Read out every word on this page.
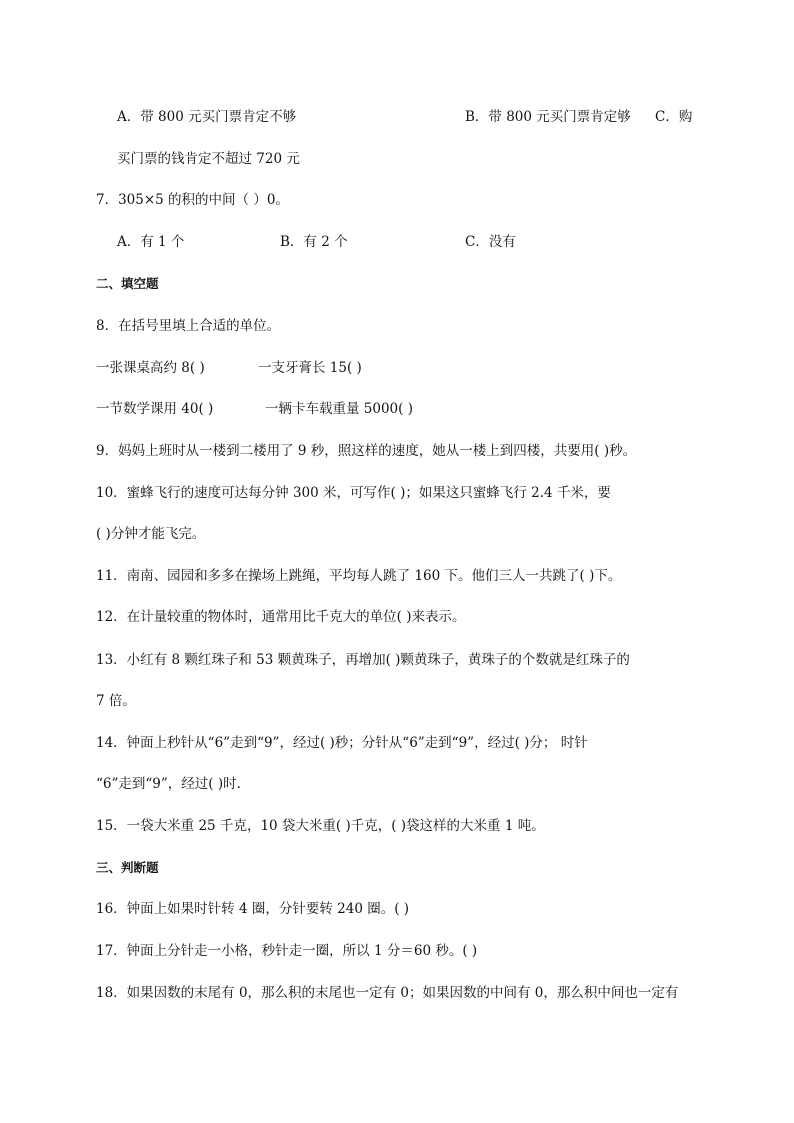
A．带 800 元买门票肯定不够	B．带 800 元买门票肯定够 C．购
买门票的钱肯定不超过 720 元
7．305×5 的积的中间（ ）0。
A．有 1 个	B．有 2 个	C．没有
二、填空题
8．在括号里填上合适的单位。
一张课桌高约 8( )	一支牙膏长 15( )
一节数学课用 40( )	一辆卡车载重量 5000( )
9．妈妈上班时从一楼到二楼用了 9 秒，照这样的速度，她从一楼上到四楼，共要用( )秒。
10．蜜蜂飞行的速度可达每分钟 300 米，可写作( )；如果这只蜜蜂飞行 2.4 千米，要
( )分钟才能飞完。
11．南南、园园和多多在操场上跳绳，平均每人跳了 160 下。他们三人一共跳了( )下。
12．在计量较重的物体时，通常用比千克大的单位( )来表示。
13．小红有 8 颗红珠子和 53 颗黄珠子，再增加( )颗黄珠子，黄珠子的个数就是红珠子的
7 倍。
14．钟面上秒针从“6”走到“9”，经过( )秒；分针从“6”走到“9”，经过( )分； 时针
“6”走到“9”，经过( )时.
15．一袋大米重 25 千克，10 袋大米重( )千克，( )袋这样的大米重 1 吨。
三、判断题
16．钟面上如果时针转 4 圈，分针要转 240 圈。( )
17．钟面上分针走一小格，秒针走一圈，所以 1 分＝60 秒。( )
18．如果因数的末尾有 0，那么积的末尾也一定有 0；如果因数的中间有 0，那么积中间也一定有
